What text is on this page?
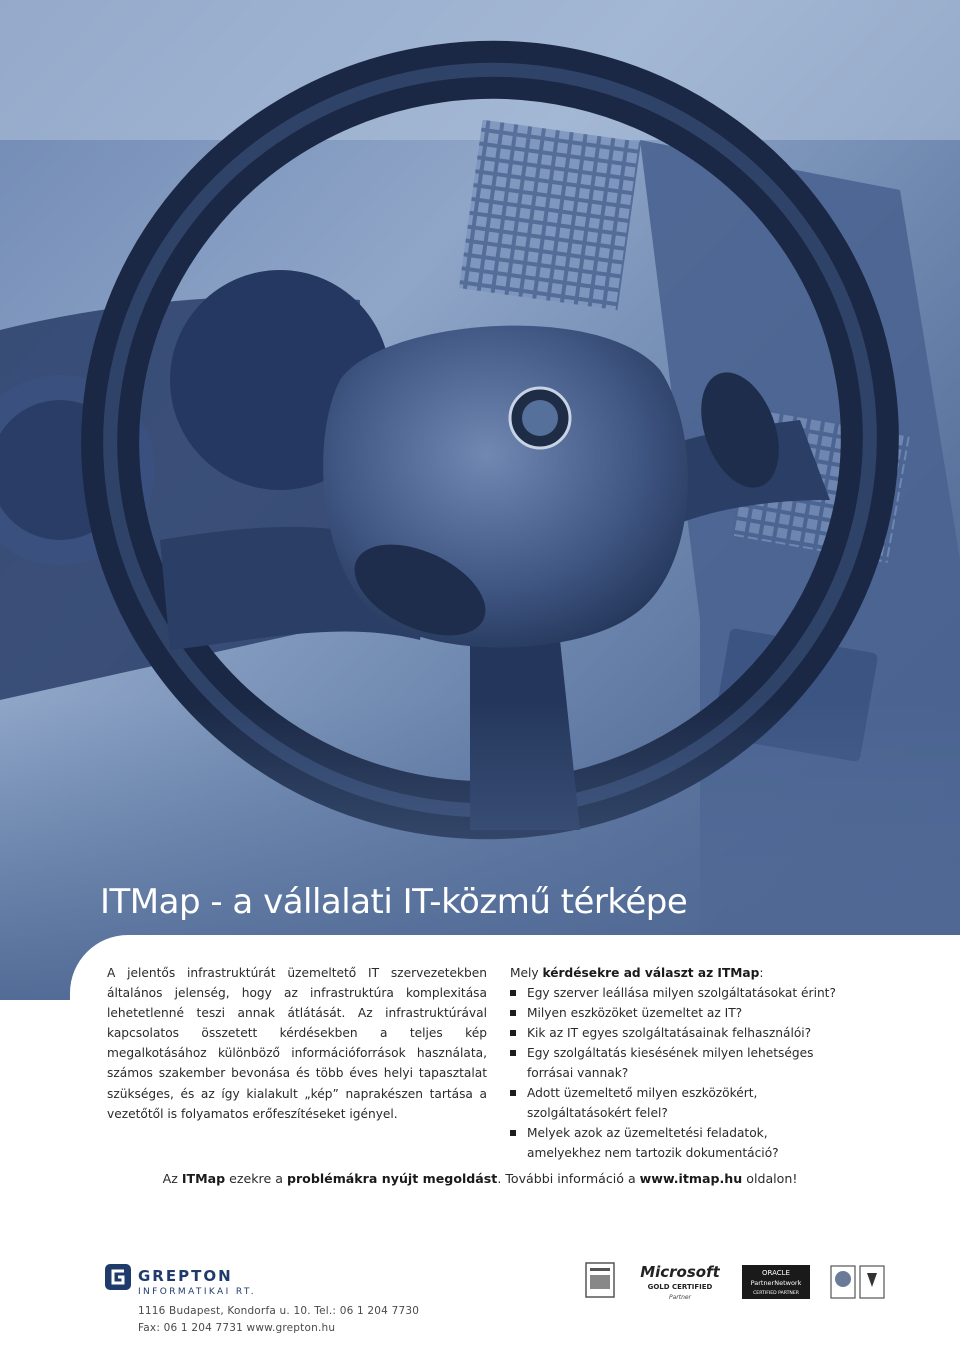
ITMap - a vállalati IT-közmű térképe

A jelentős infrastruktúrát üzemeltető IT szervezetekben általános jelenség, hogy az infrastruktúra komplexitása lehetetlenné teszi annak átlátását. Az infrastruktúrával kapcsolatos összetett kérdésekben a teljes kép megalkotásához különböző információforrások használata, számos szakember bevonása és több éves helyi tapasztalat szükséges, és az így kialakult „kép” naprakészen tartása a vezetőtől is folyamatos erőfeszítéseket igényel.

Mely kérdésekre ad választ az ITMap:

Egy szerver leállása milyen szolgáltatásokat érint?
Milyen eszközöket üzemeltet az IT?
Kik az IT egyes szolgáltatásainak felhasználói?
Egy szolgáltatás kiesésének milyen lehetséges
forrásai vannak?
Adott üzemeltető milyen eszközökért,
szolgáltatásokért felel?
Melyek azok az üzemeltetési feladatok,
amelyekhez nem tartozik dokumentáció?

Az ITMap ezekre a problémákra nyújt megoldást. További információ a www.itmap.hu oldalon!

GREPTON
INFORMATIKAI RT.

1116 Budapest, Kondorfa u. 10. Tel.: 06 1 204 7730

Fax: 06 1 204 7731 www.grepton.hu

Microsoft
GOLD CERTIFIED
Partner
ORACLE
PartnerNetwork
CERTIFIED PARTNER
